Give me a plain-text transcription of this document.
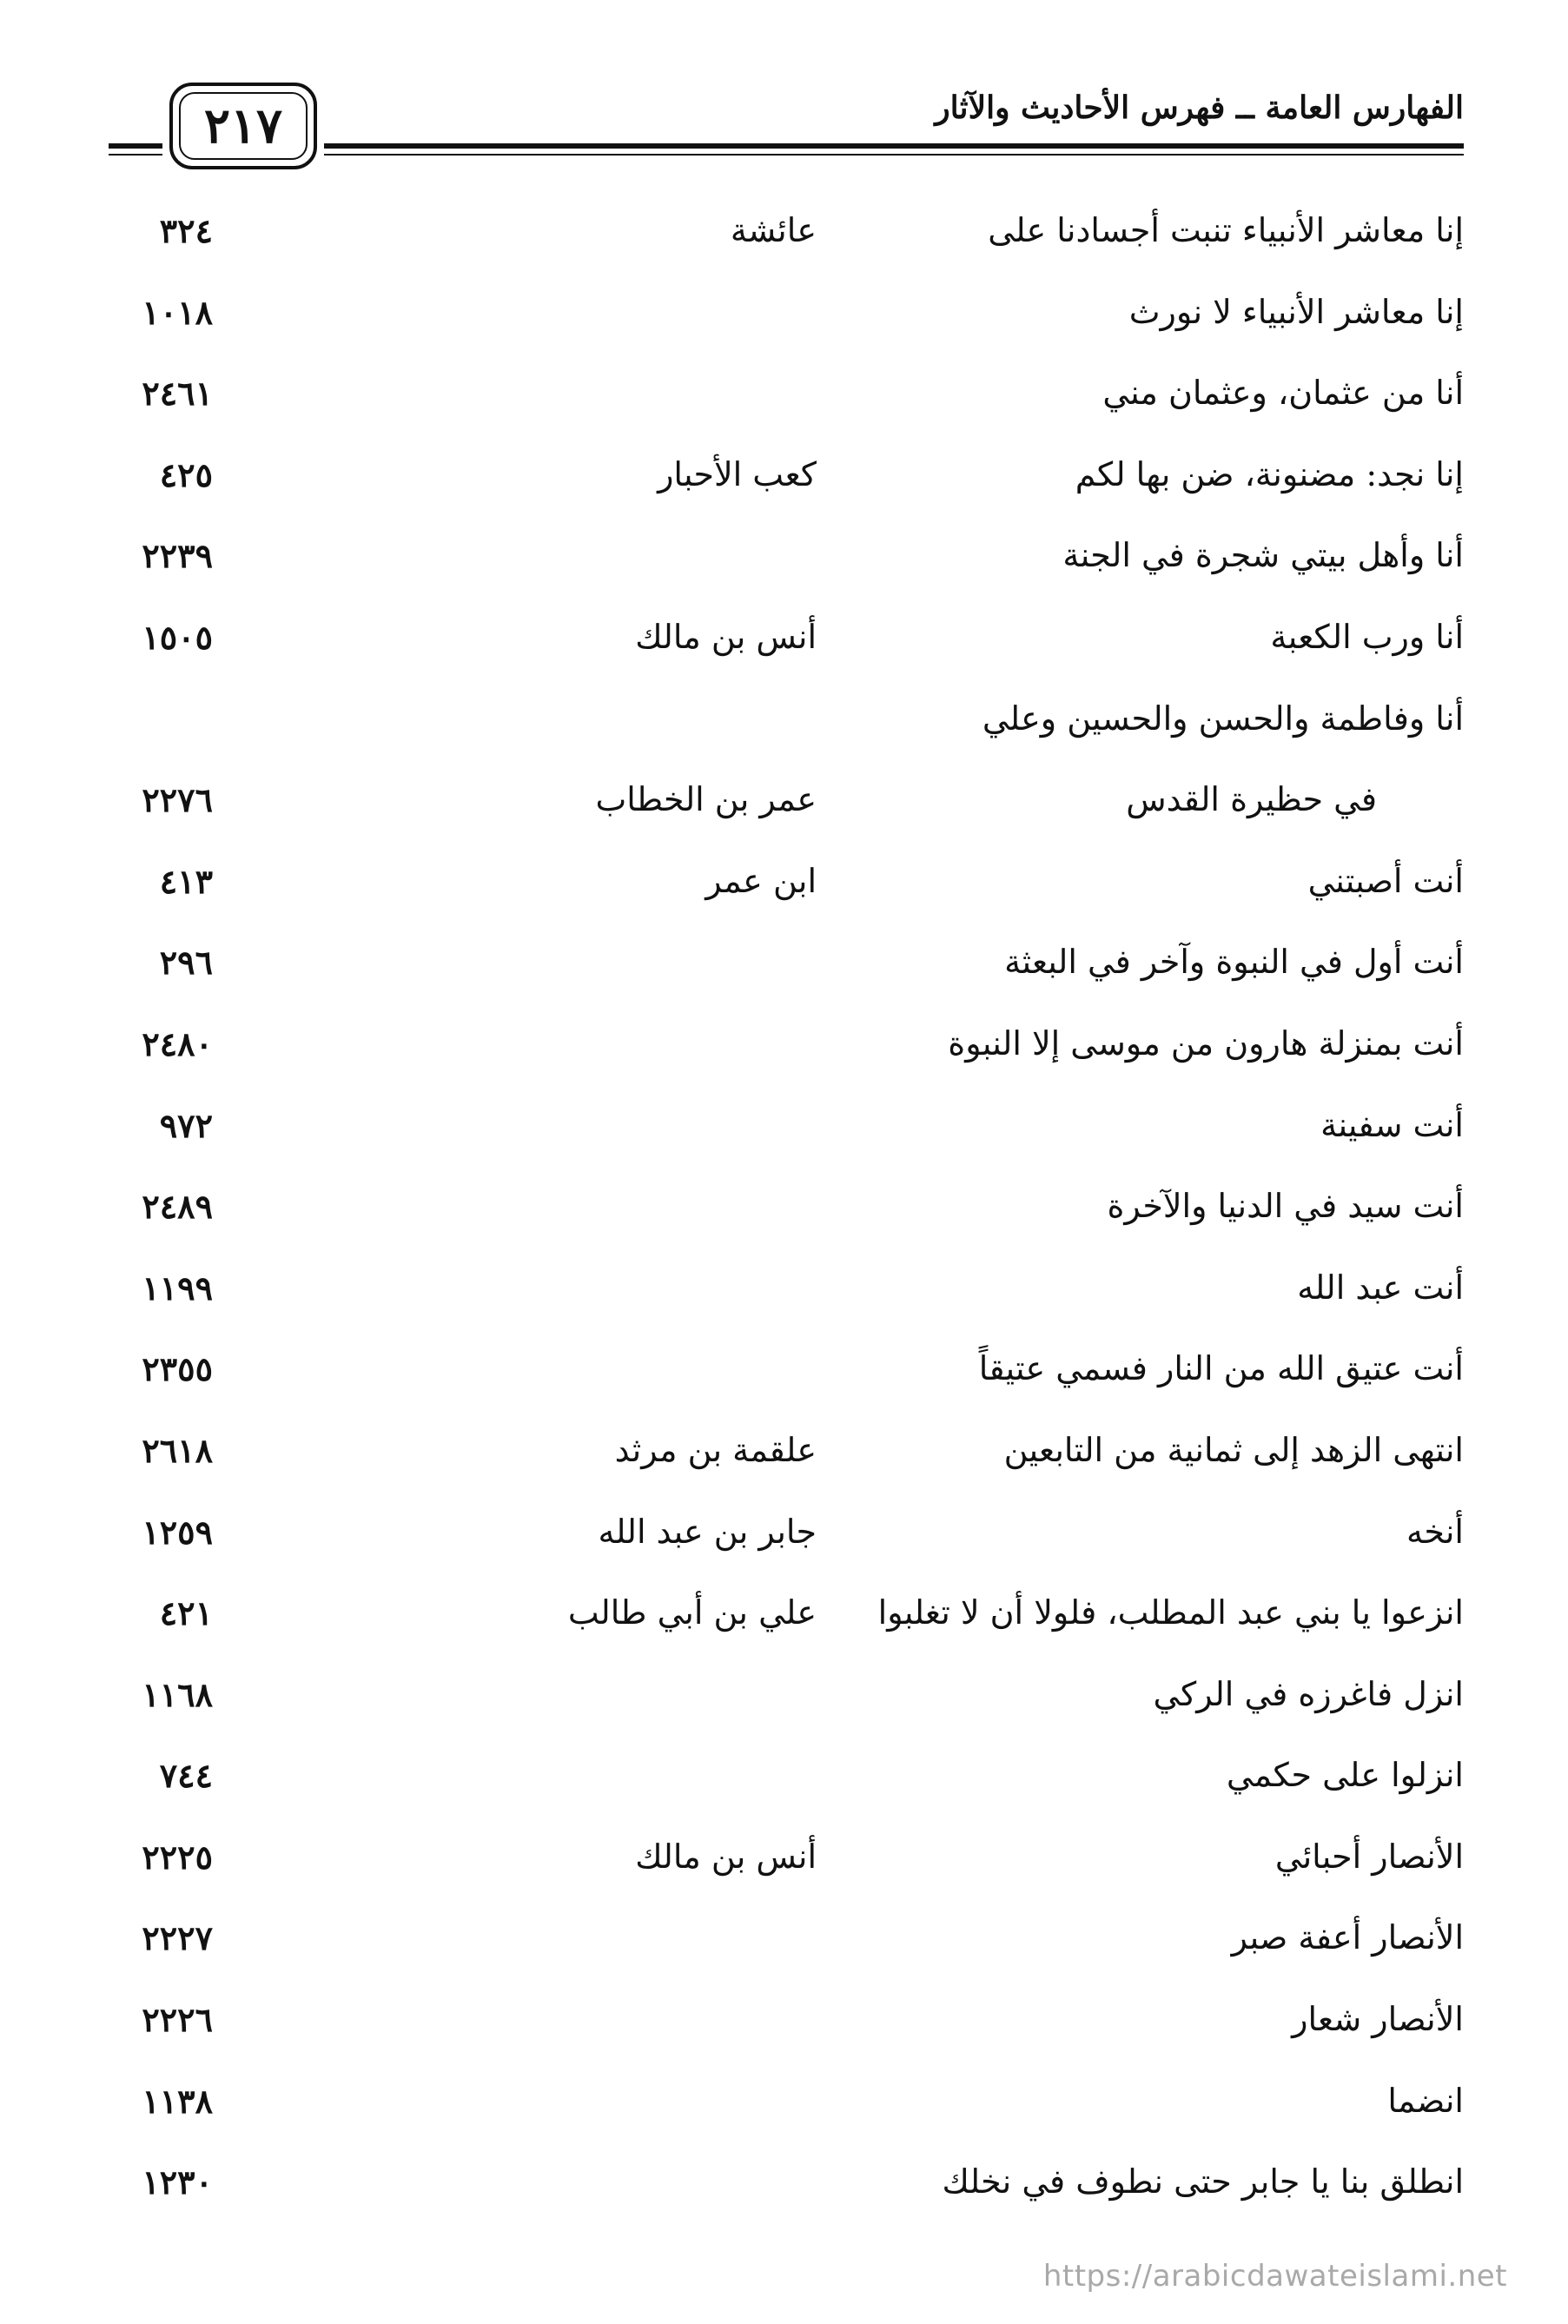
٢١٧	الفهارس العامة ــ فهرس الأحاديث والآثار
إنا معاشر الأنبياء تنبت أجسادنا على
عائشة
٣٢٤
إنا معاشر الأنبياء لا نورث
١٠١٨
أنا من عثمان، وعثمان مني
٢٤٦١
إنا نجد: مضنونة، ضن بها لكم
كعب الأحبار
٤٢٥
أنا وأهل بيتي شجرة في الجنة
٢٢٣٩
أنا ورب الكعبة
أنس بن مالك
١٥٠٥
أنا وفاطمة والحسن والحسين وعلي
في حظيرة القدس
عمر بن الخطاب
٢٢٧٦
أنت أصبتني
ابن عمر
٤١٣
أنت أول في النبوة وآخر في البعثة
٢٩٦
أنت بمنزلة هارون من موسى إلا النبوة
٢٤٨٠
أنت سفينة
٩٧٢
أنت سيد في الدنيا والآخرة
٢٤٨٩
أنت عبد الله
١١٩٩
أنت عتيق الله من النار فسمي عتيقاً
٢٣٥٥
انتهى الزهد إلى ثمانية من التابعين
علقمة بن مرثد
٢٦١٨
أنخه
جابر بن عبد الله
١٢٥٩
انزعوا يا بني عبد المطلب، فلولا أن لا تغلبوا
علي بن أبي طالب
٤٢١
انزل فاغرزه في الركي
١١٦٨
انزلوا على حكمي
٧٤٤
الأنصار أحبائي
أنس بن مالك
٢٢٢٥
الأنصار أعفة صبر
٢٢٢٧
الأنصار شعار
٢٢٢٦
انضما
١١٣٨
انطلق بنا يا جابر حتى نطوف في نخلك
١٢٣٠
https://arabicdawateislami.net
